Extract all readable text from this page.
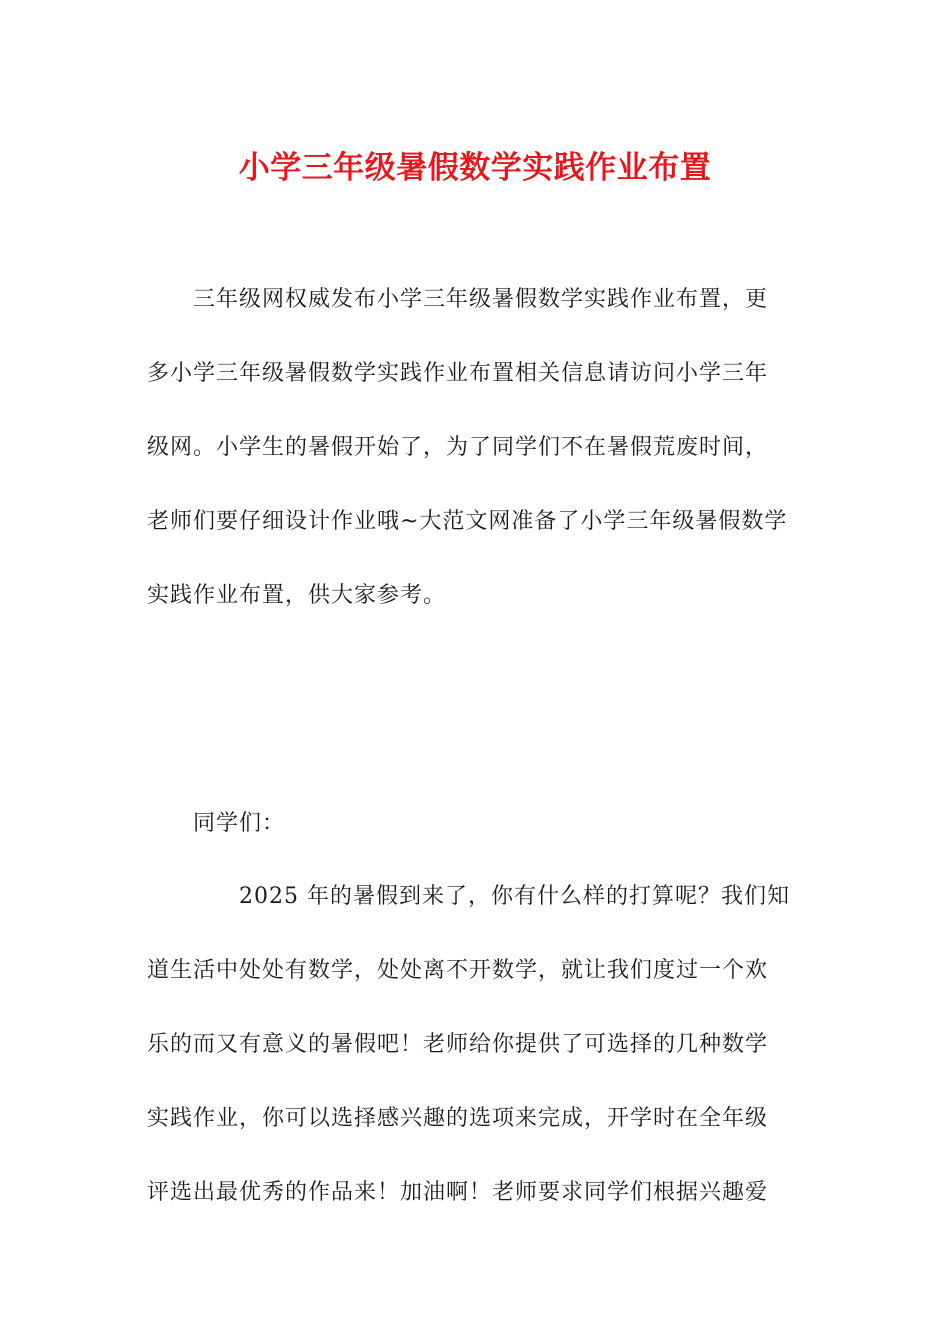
小学三年级暑假数学实践作业布置
三年级网权威发布小学三年级暑假数学实践作业布置，更
多小学三年级暑假数学实践作业布置相关信息请访问小学三年
级网。小学生的暑假开始了，为了同学们不在暑假荒废时间，
老师们要仔细设计作业哦~大范文网准备了小学三年级暑假数学
实践作业布置，供大家参考。
同学们：
2025 年的暑假到来了，你有什么样的打算呢？我们知
道生活中处处有数学，处处离不开数学，就让我们度过一个欢
乐的而又有意义的暑假吧！老师给你提供了可选择的几种数学
实践作业，你可以选择感兴趣的选项来完成，开学时在全年级
评选出最优秀的作品来！加油啊！老师要求同学们根据兴趣爱
